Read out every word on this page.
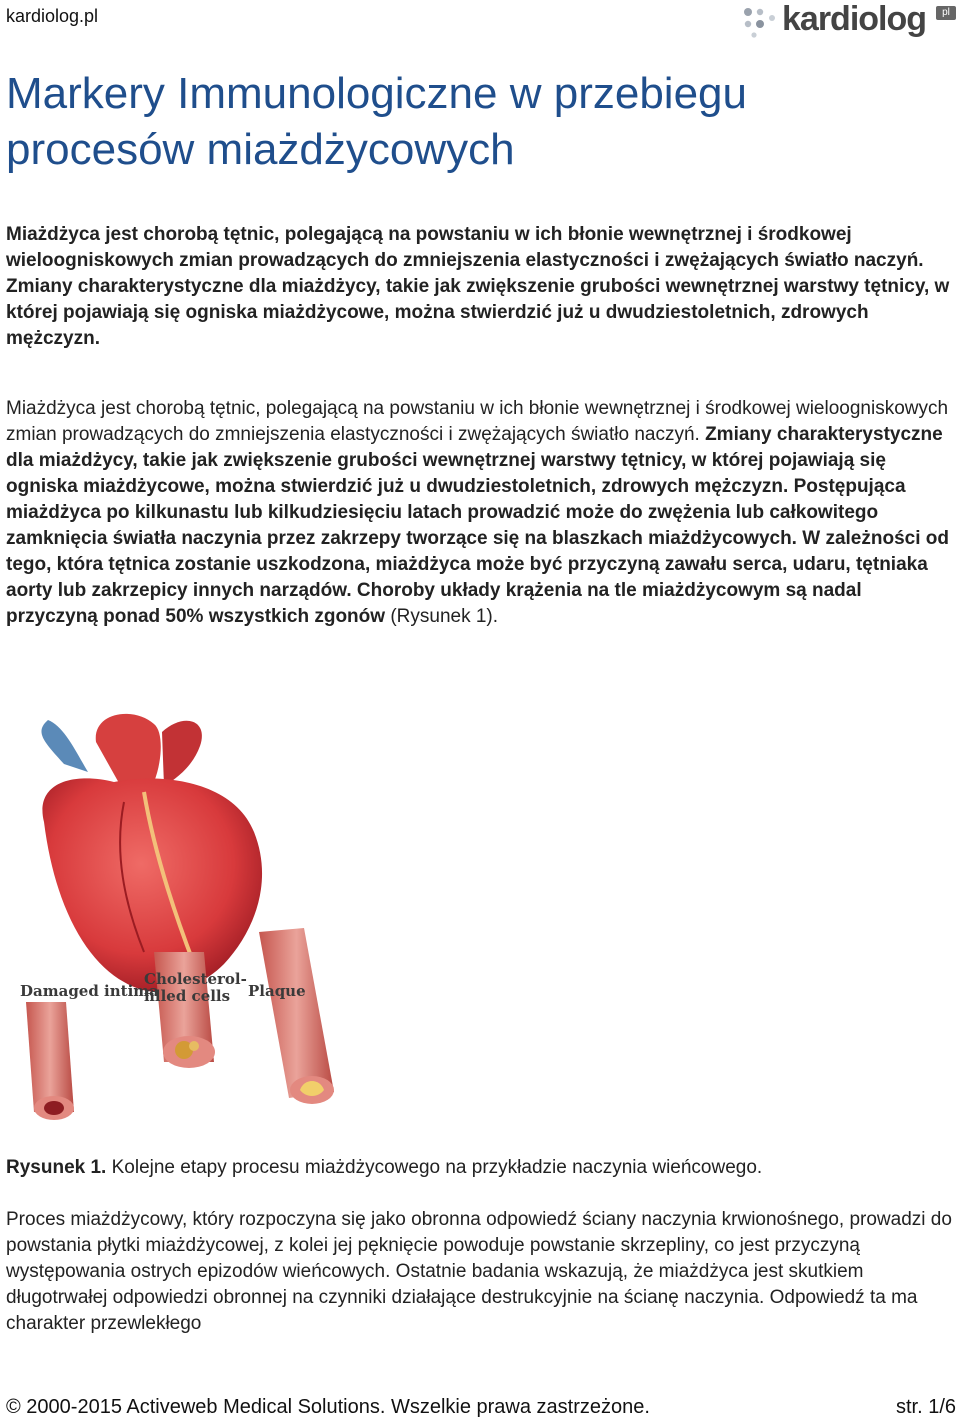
kardiolog.pl	kardiolog	pl
Markery Immunologiczne w przebiegu procesów miażdżycowych

Miażdżyca jest chorobą tętnic, polegającą na powstaniu w ich błonie wewnętrznej i środkowej wieloogniskowych zmian prowadzących do zmniejszenia elastyczności i zwężających światło naczyń. Zmiany charakterystyczne dla miażdżycy, takie jak zwiększenie grubości wewnętrznej warstwy tętnicy, w której pojawiają się ogniska miażdżycowe, można stwierdzić już u dwudziestoletnich, zdrowych mężczyzn.

Miażdżyca jest chorobą tętnic, polegającą na powstaniu w ich błonie wewnętrznej i środkowej wieloogniskowych zmian prowadzących do zmniejszenia elastyczności i zwężających światło naczyń. Zmiany charakterystyczne dla miażdżycy, takie jak zwiększenie grubości wewnętrznej warstwy tętnicy, w której pojawiają się ogniska miażdżycowe, można stwierdzić już u dwudziestoletnich, zdrowych mężczyzn. Postępująca miażdżyca po kilkunastu lub kilkudziesięciu latach prowadzić może do zwężenia lub całkowitego zamknięcia światła naczynia przez zakrzepy tworzące się na blaszkach miażdżycowych. W zależności od tego, która tętnica zostanie uszkodzona, miażdżyca może być przyczyną zawału serca, udaru, tętniaka aorty lub zakrzepicy innych narządów. Choroby układy krążenia na tle miażdżycowym są nadal przyczyną ponad 50% wszystkich zgonów (Rysunek 1).

Damaged intima
Cholesterol-
filled cells Plaque

Rysunek 1. Kolejne etapy procesu miażdżycowego na przykładzie naczynia wieńcowego.

Proces miażdżycowy, który rozpoczyna się jako obronna odpowiedź ściany naczynia krwionośnego, prowadzi do powstania płytki miażdżycowej, z kolei jej pęknięcie powoduje powstanie skrzepliny, co jest przyczyną występowania ostrych epizodów wieńcowych. Ostatnie badania wskazują, że miażdżyca jest skutkiem długotrwałej odpowiedzi obronnej na czynniki działające destrukcyjnie na ścianę naczynia. Odpowiedź ta ma charakter przewlekłego

© 2000-2015 Activeweb Medical Solutions. Wszelkie prawa zastrzeżone.	str. 1/6
